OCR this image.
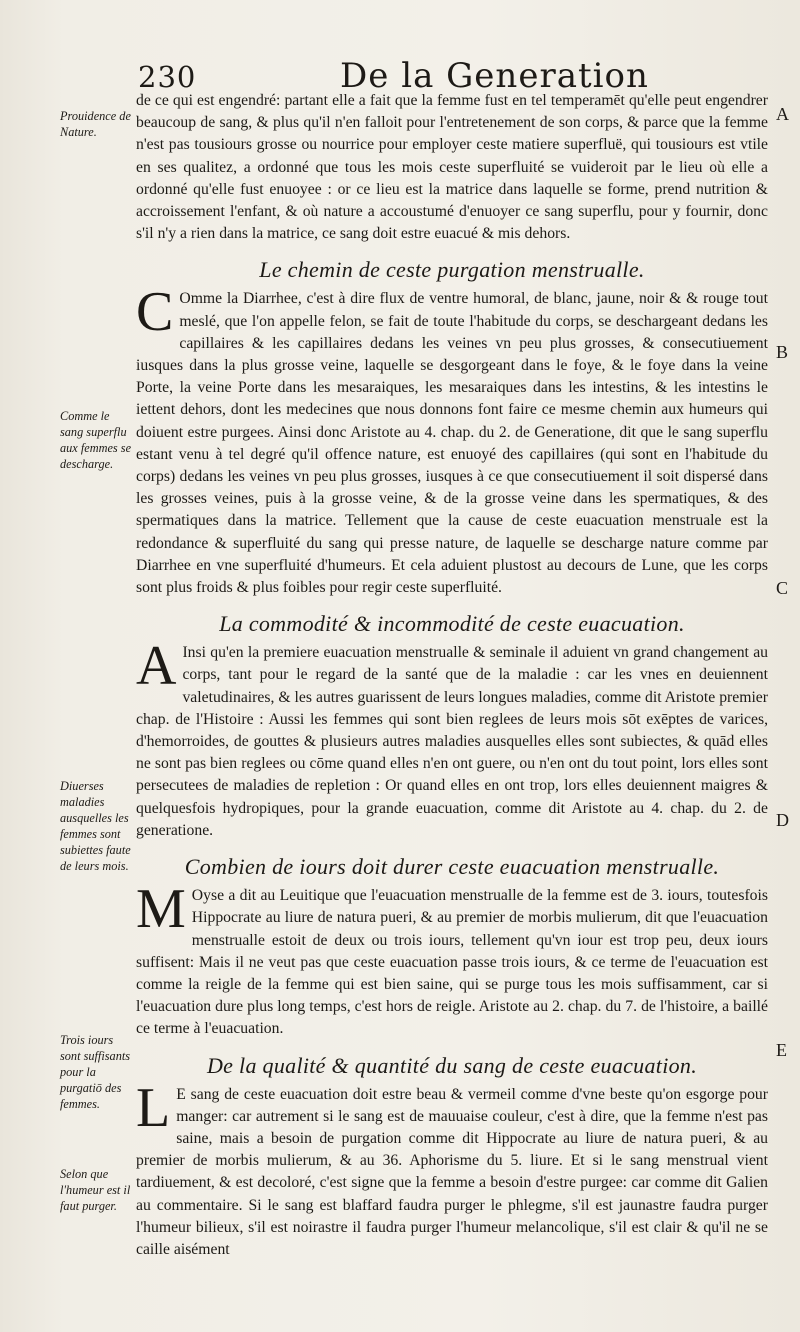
230	De la Generation
Prouidence de Nature.
Comme le sang superflu aux femmes se descharge.
Diuerses maladies ausquelles les femmes sont subiettes faute de leurs mois.
Trois iours sont suffisants pour la purgatiō des femmes.
Selon que l'humeur est il faut purger.
A
B
C
D
E

de ce qui est engendré: partant elle a fait que la femme fust en tel temperamēt qu'elle peut engendrer beaucoup de sang, & plus qu'il n'en falloit pour l'entretenement de son corps, & parce que la femme n'est pas tousiours grosse ou nourrice pour employer ceste matiere superfluë, qui tousiours est vtile en ses qualitez, a ordonné que tous les mois ceste superfluité se vuideroit par le lieu où elle a ordonné qu'elle fust enuoyee : or ce lieu est la matrice dans laquelle se forme, prend nutrition & accroissement l'enfant, & où nature a accoustumé d'enuoyer ce sang superflu, pour y fournir, donc s'il n'y a rien dans la matrice, ce sang doit estre euacué & mis dehors.

Le chemin de ceste purgation menstrualle.

C Omme la Diarrhee, c'est à dire flux de ventre humoral, de blanc, jaune, noir & & rouge tout meslé, que l'on appelle felon, se fait de toute l'habitude du corps, se deschargeant dedans les capillaires & les capillaires dedans les veines vn peu plus grosses, & consecutiuement iusques dans la plus grosse veine, laquelle se desgorgeant dans le foye, & le foye dans la veine Porte, la veine Porte dans les mesaraiques, les mesaraiques dans les intestins, & les intestins le iettent dehors, dont les medecines que nous donnons font faire ce mesme chemin aux humeurs qui doiuent estre purgees. Ainsi donc Aristote au 4. chap. du 2. de Generatione, dit que le sang superflu estant venu à tel degré qu'il offence nature, est enuoyé des capillaires (qui sont en l'habitude du corps) dedans les veines vn peu plus grosses, iusques à ce que consecutiuement il soit dispersé dans les grosses veines, puis à la grosse veine, & de la grosse veine dans les spermatiques, & des spermatiques dans la matrice. Tellement que la cause de ceste euacuation menstruale est la redondance & superfluité du sang qui presse nature, de laquelle se descharge nature comme par Diarrhee en vne superfluité d'humeurs. Et cela aduient plustost au decours de Lune, que les corps sont plus froids & plus foibles pour regir ceste superfluité.

La commodité & incommodité de ceste euacuation.

A Insi qu'en la premiere euacuation menstrualle & seminale il aduient vn grand changement au corps, tant pour le regard de la santé que de la maladie : car les vnes en deuiennent valetudinaires, & les autres guarissent de leurs longues maladies, comme dit Aristote premier chap. de l'Histoire : Aussi les femmes qui sont bien reglees de leurs mois sōt exēptes de varices, d'hemorroides, de gouttes & plusieurs autres maladies ausquelles elles sont subiectes, & quād elles ne sont pas bien reglees ou cōme quand elles n'en ont guere, ou n'en ont du tout point, lors elles sont persecutees de maladies de repletion : Or quand elles en ont trop, lors elles deuiennent maigres & quelquesfois hydropiques, pour la grande euacuation, comme dit Aristote au 4. chap. du 2. de generatione.

Combien de iours doit durer ceste euacuation menstrualle.

M Oyse a dit au Leuitique que l'euacuation menstrualle de la femme est de 3. iours, toutesfois Hippocrate au liure de natura pueri, & au premier de morbis mulierum, dit que l'euacuation menstrualle estoit de deux ou trois iours, tellement qu'vn iour est trop peu, deux iours suffisent: Mais il ne veut pas que ceste euacuation passe trois iours, & ce terme de l'euacuation est comme la reigle de la femme qui est bien saine, qui se purge tous les mois suffisamment, car si l'euacuation dure plus long temps, c'est hors de reigle. Aristote au 2. chap. du 7. de l'histoire, a baillé ce terme à l'euacuation.

De la qualité & quantité du sang de ceste euacuation.

L E sang de ceste euacuation doit estre beau & vermeil comme d'vne beste qu'on esgorge pour manger: car autrement si le sang est de mauuaise couleur, c'est à dire, que la femme n'est pas saine, mais a besoin de purgation comme dit Hippocrate au liure de natura pueri, & au premier de morbis mulierum, & au 36. Aphorisme du 5. liure. Et si le sang menstrual vient tardiuement, & est decoloré, c'est signe que la femme a besoin d'estre purgee: car comme dit Galien au commentaire. Si le sang est blaffard faudra purger le phlegme, s'il est jaunastre faudra purger l'humeur bilieux, s'il est noirastre il faudra purger l'humeur melancolique, s'il est clair & qu'il ne se caille aisément
